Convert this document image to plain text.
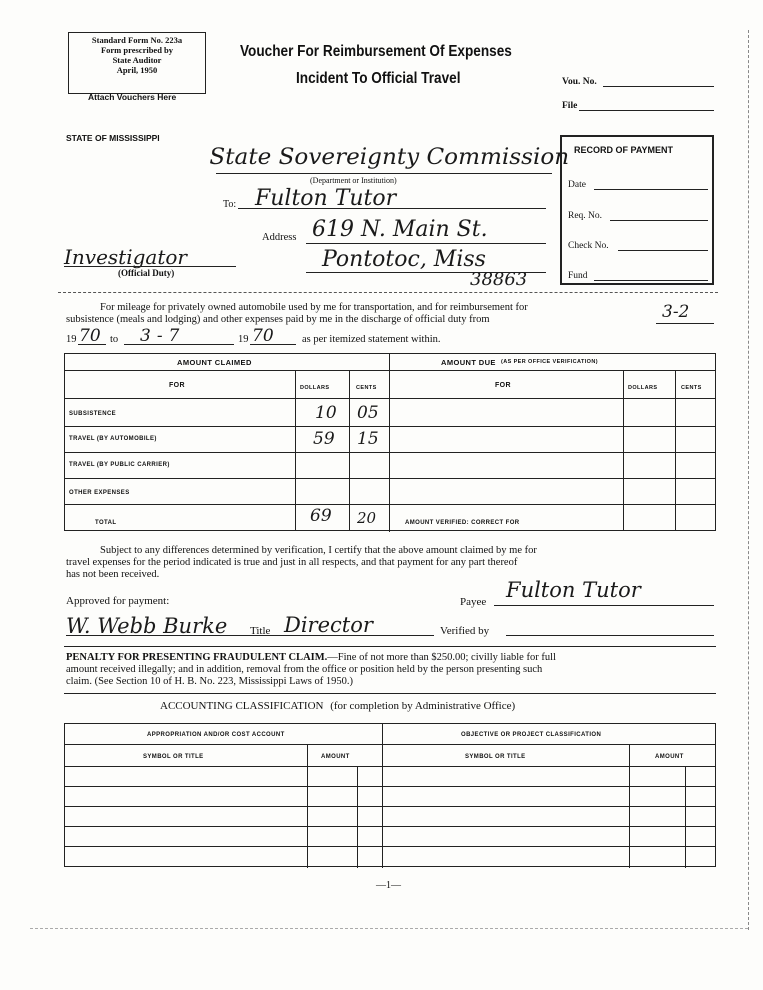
Standard Form No. 223a
Form prescribed by
State Auditor
April, 1950
Attach Vouchers Here
Voucher For Reimbursement Of Expenses
Incident To Official Travel	Vou. No.
File
STATE OF MISSISSIPPI
State Sovereignty Commission
(Department or Institution)
To: Fulton Tutor
Address 619 N. Main St.
Pontotoc, Miss
38863
Investigator
(Official Duty)
RECORD OF PAYMENT
Date
Req. No.
Check No.
Fund
For mileage for privately owned automobile used by me for transportation, and for reimbursement for
subsistence (meals and lodging) and other expenses paid by me in the discharge of official duty from	3-2
19 70 to 3-7	19 70	as per itemized statement within.
AMOUNT CLAIMED	AMOUNT DUE (AS PER OFFICE VERIFICATION)
FOR	DOLLARS	CENTS	FOR	DOLLARS	CENTS
SUBSISTENCE	10 05
TRAVEL (BY AUTOMOBILE)	59 15
TRAVEL (BY PUBLIC CARRIER)
OTHER EXPENSES
TOTAL	69 20	AMOUNT VERIFIED: CORRECT FOR
Subject to any differences determined by verification, I certify that the above amount claimed by me for
travel expenses for the period indicated is true and just in all respects, and that payment for any part thereof
has not been received.
Approved for payment:	Payee Fulton Tutor
W. Webb Burke Title Director	Verified by
PENALTY FOR PRESENTING FRAUDULENT CLAIM.—Fine of not more than $250.00; civilly liable for full
amount received illegally; and in addition, removal from the office or position held by the person presenting such
claim. (See Section 10 of H. B. No. 223, Mississippi Laws of 1950.)
ACCOUNTING CLASSIFICATION (for completion by Administrative Office)
APPROPRIATION AND/OR COST ACCOUNT	OBJECTIVE OR PROJECT CLASSIFICATION
SYMBOL OR TITLE	AMOUNT	SYMBOL OR TITLE	AMOUNT
—1—
